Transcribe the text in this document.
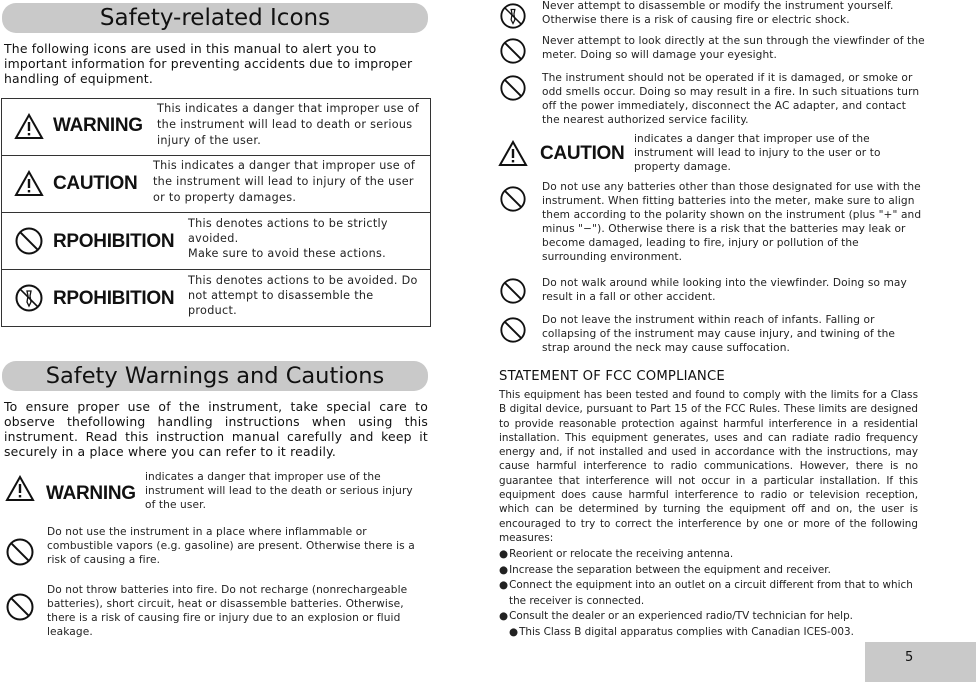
Safety-related Icons
The following icons are used in this manual to alert you to important information for preventing accidents due to improper handling of equipment.
WARNING
This indicates a danger that improper use of the instrument will lead to death or serious injury of the user.
CAUTION
This indicates a danger that improper use of the instrument will lead to injury of the user or to property damages.
RPOHIBITION
This denotes actions to be strictly avoided.
Make sure to avoid these actions.
RPOHIBITION
This denotes actions to be avoided. Do not attempt to disassemble the product.
Safety Warnings and Cautions
To ensure proper use of the instrument, take special care to observe thefollowing handling instructions when using this instrument. Read this instruction manual carefully and keep it securely in a place where you can refer to it readily.
WARNING
indicates a danger that improper use of the instrument will lead to the death or serious injury of the user.
Do not use the instrument in a place where inflammable or combustible vapors (e.g. gasoline) are present. Otherwise there is a risk of causing a fire.
Do not throw batteries into fire. Do not recharge (nonrechargeable batteries), short circuit, heat or disassemble batteries. Otherwise, there is a risk of causing fire or injury due to an explosion or fluid leakage.
Never attempt to disassemble or modify the instrument yourself. Otherwise there is a risk of causing fire or electric shock.
Never attempt to look directly at the sun through the viewfinder of the meter. Doing so will damage your eyesight.
The instrument should not be operated if it is damaged, or smoke or odd smells occur. Doing so may result in a fire. In such situations turn off the power immediately, disconnect the AC adapter, and contact the nearest authorized service facility.
CAUTION
indicates a danger that improper use of the instrument will lead to injury to the user or to property damage.
Do not use any batteries other than those designated for use with the instrument. When fitting batteries into the meter, make sure to align them according to the polarity shown on the instrument (plus "+" and minus "−"). Otherwise there is a risk that the batteries may leak or become damaged, leading to fire, injury or pollution of the surrounding environment.
Do not walk around while looking into the viewfinder. Doing so may result in a fall or other accident.
Do not leave the instrument within reach of infants. Falling or collapsing of the instrument may cause injury, and twining of the strap around the neck may cause suffocation.
STATEMENT OF FCC COMPLIANCE
This equipment has been tested and found to comply with the limits for a Class B digital device, pursuant to Part 15 of the FCC Rules. These limits are designed to provide reasonable protection against harmful interference in a residential installation. This equipment generates, uses and can radiate radio frequency energy and, if not installed and used in accordance with the instructions, may cause harmful interference to radio communications. However, there is no guarantee that interference will not occur in a particular installation. If this equipment does cause harmful interference to radio or television reception, which can be determined by turning the equipment off and on, the user is encouraged to try to correct the interference by one or more of the following measures:
● Reorient or relocate the receiving antenna.
● Increase the separation between the equipment and receiver.
● Connect the equipment into an outlet on a circuit different from that to which the receiver is connected.
● Consult the dealer or an experienced radio/TV technician for help.
● This Class B digital apparatus complies with Canadian ICES-003.
5
